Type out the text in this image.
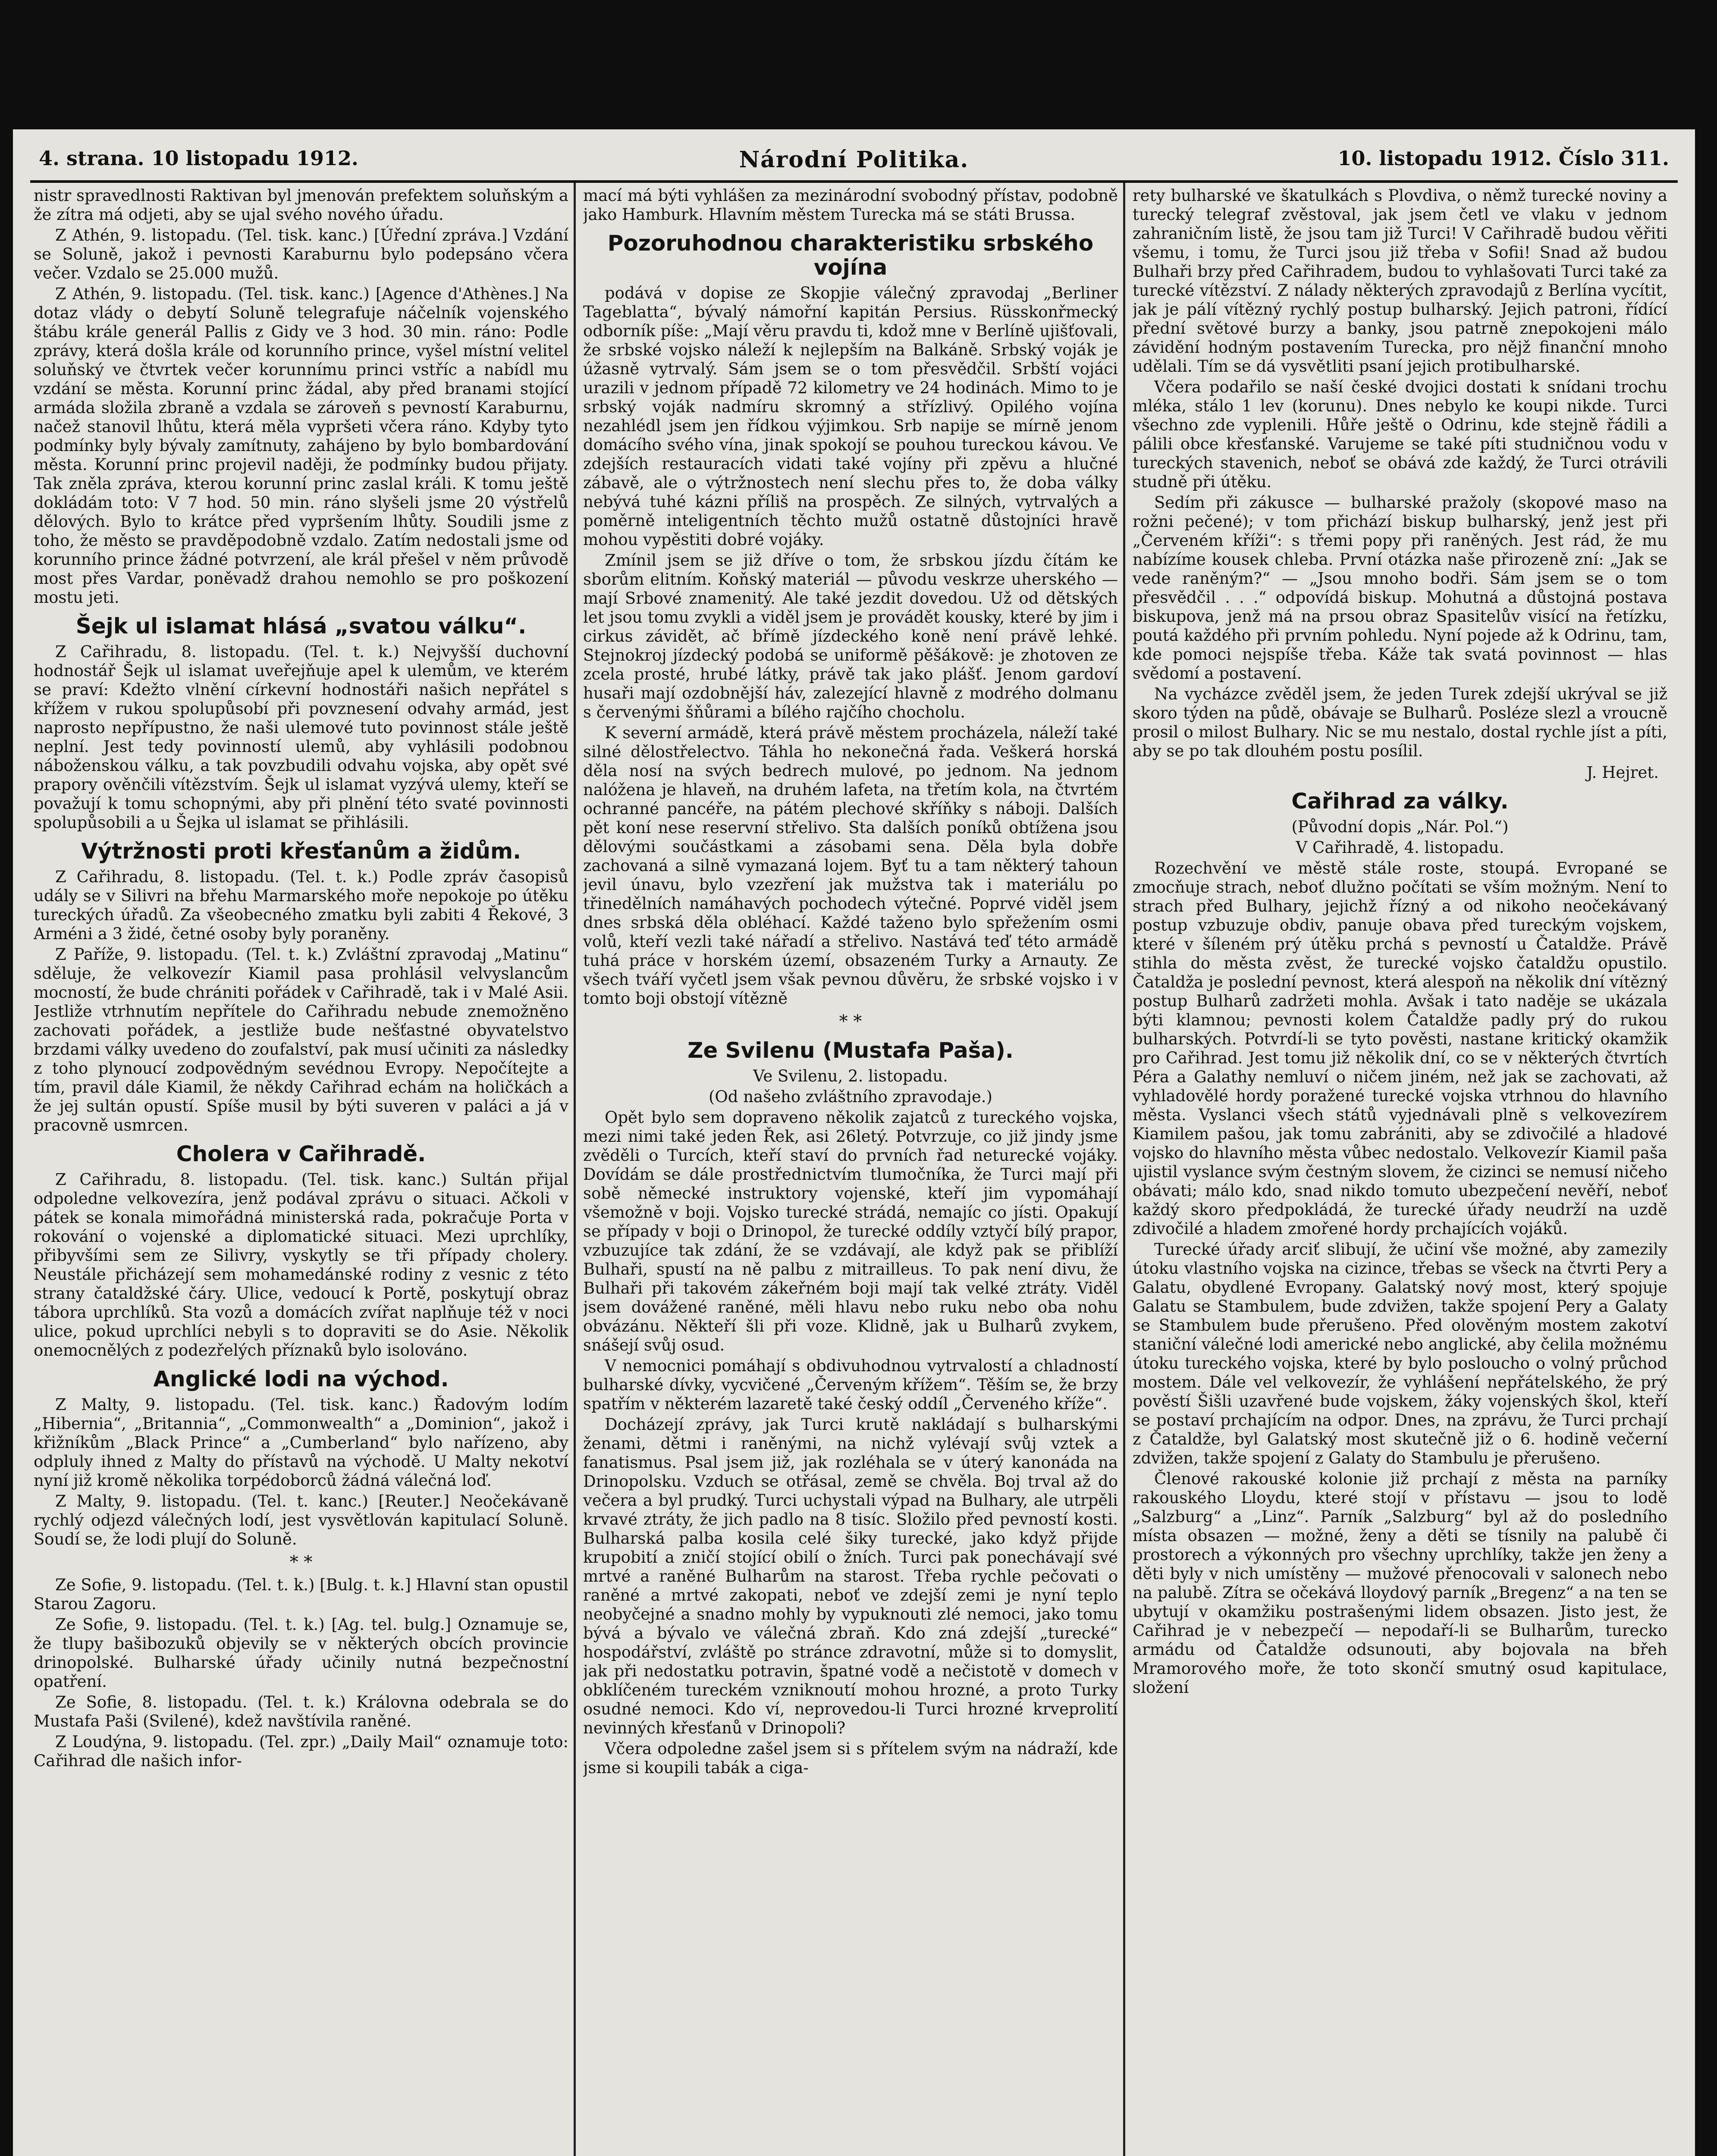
4. strana. 10 listopadu 1912.	Národní Politika.	10. listopadu 1912. Číslo 311.

nistr spravedlnosti Raktivan byl jmenován prefektem soluňským a že zítra má odjeti, aby se ujal svého nového úřadu.

Z Athén, 9. listopadu. (Tel. tisk. kanc.) [Úřední zpráva.] Vzdání se Soluně, jakož i pevnosti Karaburnu bylo podepsáno včera večer. Vzdalo se 25.000 mužů.

Z Athén, 9. listopadu. (Tel. tisk. kanc.) [Agence d'Athènes.] Na dotaz vlády o debytí Soluně telegrafuje náčelník vojenského štábu krále generál Pallis z Gidy ve 3 hod. 30 min. ráno: Podle zprávy, která došla krále od korunního prince, vyšel místní velitel soluňský ve čtvrtek večer korunnímu princi vstříc a nabídl mu vzdání se města. Korunní princ žádal, aby před branami stojící armáda složila zbraně a vzdala se zároveň s pevností Karaburnu, načež stanovil lhůtu, která měla vypršeti včera ráno. Kdyby tyto podmínky byly bývaly zamítnuty, zahájeno by bylo bombardování města. Korunní princ projevil naději, že podmínky budou přijaty. Tak zněla zpráva, kterou korunní princ zaslal králi. K tomu ještě dokládám toto: V 7 hod. 50 min. ráno slyšeli jsme 20 výstřelů dělových. Bylo to krátce před vypršením lhůty. Soudili jsme z toho, že město se pravděpodobně vzdalo. Zatím nedostali jsme od korunního prince žádné potvrzení, ale král přešel v něm průvodě most přes Vardar, poněvadž drahou nemohlo se pro poškození mostu jeti.

Šejk ul islamat hlásá „svatou válku“.

Z Cařihradu, 8. listopadu. (Tel. t. k.) Nejvyšší duchovní hodnostář Šejk ul islamat uveřejňuje apel k ulemům, ve kterém se praví: Kdežto vlnění církevní hodnostáři našich nepřátel s křížem v rukou spolupůsobí při povznesení odvahy armád, jest naprosto nepřípustno, že naši ulemové tuto povinnost stále ještě neplní. Jest tedy povinností ulemů, aby vyhlásili podobnou náboženskou válku, a tak povzbudili odvahu vojska, aby opět své prapory ověnčili vítězstvím. Šejk ul islamat vyzývá ulemy, kteří se považují k tomu schopnými, aby při plnění této svaté povinnosti spolupůsobili a u Šejka ul islamat se přihlásili.

Výtržnosti proti křesťanům a židům.

Z Cařihradu, 8. listopadu. (Tel. t. k.) Podle zpráv časopisů udály se v Silivri na břehu Marmarského moře nepokoje po útěku tureckých úřadů. Za všeobecného zmatku byli zabiti 4 Řekové, 3 Arméni a 3 židé, četné osoby byly poraněny.

Z Paříže, 9. listopadu. (Tel. t. k.) Zvláštní zpravodaj „Matinu“ sděluje, že velkovezír Kiamil pasa prohlásil velvyslancům mocností, že bude chrániti pořádek v Cařihradě, tak i v Malé Asii. Jestliže vtrhnutím nepřítele do Cařihradu nebude znemožněno zachovati pořádek, a jestliže bude nešťastné obyvatelstvo brzdami války uvedeno do zoufalství, pak musí učiniti za následky z toho plynoucí zodpovědným sevédnou Evropy. Nepočítejte a tím, pravil dále Kiamil, že někdy Cařihrad echám na holičkách a že jej sultán opustí. Spíše musil by býti suveren v paláci a já v pracovně usmrcen.

Cholera v Cařihradě.

Z Cařihradu, 8. listopadu. (Tel. tisk. kanc.) Sultán přijal odpoledne velkovezíra, jenž podával zprávu o situaci. Ačkoli v pátek se konala mimořádná ministerská rada, pokračuje Porta v rokování o vojenské a diplomatické situaci. Mezi uprchlíky, přibyvšími sem ze Silivry, vyskytly se tři případy cholery. Neustále přicházejí sem mohamedánské rodiny z vesnic z této strany čataldžské čáry. Ulice, vedoucí k Portě, poskytují obraz tábora uprchlíků. Sta vozů a domácích zvířat naplňuje též v noci ulice, pokud uprchlíci nebyli s to dopraviti se do Asie. Několik onemocnělých z podezřelých příznaků bylo isolováno.

Anglické lodi na východ.

Z Malty, 9. listopadu. (Tel. tisk. kanc.) Řadovým lodím „Hibernia“, „Britannia“, „Commonwealth“ a „Dominion“, jakož i křižníkům „Black Prince“ a „Cumberland“ bylo nařízeno, aby odpluly ihned z Malty do přístavů na východě. U Malty nekotví nyní již kromě několika torpédoborců žádná válečná loď.

Z Malty, 9. listopadu. (Tel. t. kanc.) [Reuter.] Neočekávaně rychlý odjezd válečných lodí, jest vysvětlován kapitulací Soluně. Soudí se, že lodi plují do Soluně.

* *

Ze Sofie, 9. listopadu. (Tel. t. k.) [Bulg. t. k.] Hlavní stan opustil Starou Zagoru.

Ze Sofie, 9. listopadu. (Tel. t. k.) [Ag. tel. bulg.] Oznamuje se, že tlupy bašibozuků objevily se v některých obcích provincie drinopolské. Bulharské úřady učinily nutná bezpečnostní opatření.

Ze Sofie, 8. listopadu. (Tel. t. k.) Královna odebrala se do Mustafa Paši (Svilené), kdež navštívila raněné.

Z Loudýna, 9. listopadu. (Tel. zpr.) „Daily Mail“ oznamuje toto: Cařihrad dle našich infor-

mací má býti vyhlášen za mezinárodní svobodný přístav, podobně jako Hamburk. Hlavním městem Turecka má se státi Brussa.

Pozoruhodnou charakteristiku srbského vojína

podává v dopise ze Skopjie válečný zpravodaj „Berliner Tageblatta“, bývalý námořní kapitán Persius. Rüsskonřmecký odborník píše: „Mají věru pravdu ti, kdož mne v Berlíně ujišťovali, že srbské vojsko náleží k nejlepším na Balkáně. Srbský voják je úžasně vytrvalý. Sám jsem se o tom přesvědčil. Srbští vojáci urazili v jednom případě 72 kilometry ve 24 hodinách. Mimo to je srbský voják nadmíru skromný a střízlivý. Opilého vojína nezahlédl jsem jen řídkou výjimkou. Srb napije se mírně jenom domácího svého vína, jinak spokojí se pouhou tureckou kávou. Ve zdejších restauracích vidati také vojíny při zpěvu a hlučné zábavě, ale o výtržnostech není slechu přes to, že doba války nebývá tuhé kázni příliš na prospěch. Ze silných, vytrvalých a poměrně inteligentních těchto mužů ostatně důstojníci hravě mohou vypěstiti dobré vojáky.

Zmínil jsem se již dříve o tom, že srbskou jízdu čítám ke sborům elitním. Koňský materiál — původu veskrze uherského — mají Srbové znamenitý. Ale také jezdit dovedou. Už od dětských let jsou tomu zvykli a viděl jsem je provádět kousky, které by jim i cirkus závidět, ač břímě jízdeckého koně není právě lehké. Stejnokroj jízdecký podobá se uniformě pěšákově: je zhotoven ze zcela prosté, hrubé látky, právě tak jako plášť. Jenom gardoví husaři mají ozdobnější háv, zalezející hlavně z modrého dolmanu s červenými šňůrami a bílého rajčího chocholu.

K severní armádě, která právě městem procházela, náleží také silné dělostřelectvo. Táhla ho nekonečná řada. Veškerá horská děla nosí na svých bedrech mulové, po jednom. Na jednom nalóžena je hlaveň, na druhém lafeta, na třetím kola, na čtvrtém ochranné pancéře, na pátém plechové skříňky s náboji. Dalších pět koní nese reservní střelivo. Sta dalších poníků obtížena jsou dělovými součástkami a zásobami sena. Děla byla dobře zachovaná a silně vymazaná lojem. Byť tu a tam některý tahoun jevil únavu, bylo vzezření jak mužstva tak i materiálu po třinedělních namáhavých pochodech výtečné. Poprvé viděl jsem dnes srbská děla obléhací. Každé taženo bylo spřežením osmi volů, kteří vezli také nářadí a střelivo. Nastává teď této armádě tuhá práce v horském území, obsazeném Turky a Arnauty. Ze všech tváří vyčetl jsem však pevnou důvěru, že srbské vojsko i v tomto boji obstojí vítězně

* *
Ze Svilenu (Mustafa Paša).
Ve Svilenu, 2. listopadu.
(Od našeho zvláštního zpravodaje.)

Opět bylo sem dopraveno několik zajatců z tureckého vojska, mezi nimi také jeden Řek, asi 26letý. Potvrzuje, co již jindy jsme zvěděli o Turcích, kteří staví do prvních řad neturecké vojáky. Dovídám se dále prostřednictvím tlumočníka, že Turci mají při sobě německé instruktory vojenské, kteří jim vypomáhají všemožně v boji. Vojsko turecké strádá, nemajíc co jísti. Opakují se případy v boji o Drinopol, že turecké oddíly vztyčí bílý prapor, vzbuzujíce tak zdání, že se vzdávají, ale když pak se přiblíží Bulhaři, spustí na ně palbu z mitrailleus. To pak není divu, že Bulhaři při takovém zákeřném boji mají tak velké ztráty. Viděl jsem dovážené raněné, měli hlavu nebo ruku nebo oba nohu obvázánu. Někteří šli při voze. Klidně, jak u Bulharů zvykem, snášejí svůj osud.

V nemocnici pomáhají s obdivuhodnou vytrvalostí a chladností bulharské dívky, vycvičené „Červeným křížem“. Těším se, že brzy spatřím v některém lazaretě také český oddíl „Červeného kříže“.

Docházejí zprávy, jak Turci krutě nakládají s bulharskými ženami, dětmi i raněnými, na nichž vylévají svůj vztek a fanatismus. Psal jsem již, jak rozléhala se v úterý kanonáda na Drinopolsku. Vzduch se otřásal, země se chvěla. Boj trval až do večera a byl prudký. Turci uchystali výpad na Bulhary, ale utrpěli krvavé ztráty, že jich padlo na 8 tisíc. Složilo před pevností kosti. Bulharská palba kosila celé šiky turecké, jako když přijde krupobití a zničí stojící obilí o žních. Turci pak ponechávají své mrtvé a raněné Bulharům na starost. Třeba rychle pečovati o raněné a mrtvé zakopati, neboť ve zdejší zemi je nyní teplo neobyčejné a snadno mohly by vypuknouti zlé nemoci, jako tomu bývá a bývalo ve válečná zbraň. Kdo zná zdejší „turecké“ hospodářství, zvláště po stránce zdravotní, může si to domyslit, jak při nedostatku potravin, špatné vodě a nečistotě v domech v obklíčeném tureckém vzniknoutí mohou hrozné, a proto Turky osudné nemoci. Kdo ví, neprovedou-li Turci hrozné krveprolití nevinných křesťanů v Drinopoli?

Včera odpoledne zašel jsem si s přítelem svým na nádraží, kde jsme si koupili tabák a ciga-

rety bulharské ve škatulkách s Plovdiva, o němž turecké noviny a turecký telegraf zvěstoval, jak jsem četl ve vlaku v jednom zahraničním listě, že jsou tam již Turci! V Cařihradě budou věřiti všemu, i tomu, že Turci jsou již třeba v Sofii! Snad až budou Bulhaři brzy před Cařihradem, budou to vyhlašovati Turci také za turecké vítězství. Z nálady některých zpravodajů z Berlína vycítit, jak je pálí vítězný rychlý postup bulharský. Jejich patroni, řídící přední světové burzy a banky, jsou patrně znepokojeni málo závidění hodným postavením Turecka, pro nějž finanční mnoho udělali. Tím se dá vysvětliti psaní jejich protibulharské.

Včera podařilo se naší české dvojici dostati k snídani trochu mléka, stálo 1 lev (korunu). Dnes nebylo ke koupi nikde. Turci všechno zde vyplenili. Hůře ještě o Odrinu, kde stejně řádili a pálili obce křesťanské. Varujeme se také píti studničnou vodu v tureckých stavenich, neboť se obává zde každý, že Turci otrávili studně při útěku.

Sedím při zákusce — bulharské pražoly (skopové maso na rožni pečené); v tom přichází biskup bulharský, jenž jest při „Červeném kříži“: s třemi popy při raněných. Jest rád, že mu nabízíme kousek chleba. První otázka naše přirozeně zní: „Jak se vede raněným?“ — „Jsou mnoho bodři. Sám jsem se o tom přesvědčil . . .“ odpovídá biskup. Mohutná a důstojná postava biskupova, jenž má na prsou obraz Spasitelův visící na řetízku, poutá každého při prvním pohledu. Nyní pojede až k Odrinu, tam, kde pomoci nejspíše třeba. Káže tak svatá povinnost — hlas svědomí a postavení.

Na vycházce zvěděl jsem, že jeden Turek zdejší ukrýval se již skoro týden na půdě, obávaje se Bulharů. Posléze slezl a vroucně prosil o milost Bulhary. Nic se mu nestalo, dostal rychle jíst a píti, aby se po tak dlouhém postu posílil.

J. Hejret.
Cařihrad za války.
(Původní dopis „Nár. Pol.“)
V Cařihradě, 4. listopadu.

Rozechvění ve městě stále roste, stoupá. Evropané se zmocňuje strach, neboť dlužno počítati se vším možným. Není to strach před Bulhary, jejichž řízný a od nikoho neočekávaný postup vzbuzuje obdiv, panuje obava před tureckým vojskem, které v šíleném prý útěku prchá s pevností u Čataldže. Právě stihla do města zvěst, že turecké vojsko čataldžu opustilo. Čataldža je poslední pevnost, která alespoň na několik dní vítězný postup Bulharů zadržeti mohla. Avšak i tato naděje se ukázala býti klamnou; pevnosti kolem Čataldže padly prý do rukou bulharských. Potvrdí-li se tyto pověsti, nastane kritický okamžik pro Cařihrad. Jest tomu již několik dní, co se v některých čtvrtích Péra a Galathy nemluví o ničem jiném, než jak se zachovati, až vyhladovělé hordy poražené turecké vojska vtrhnou do hlavního města. Vyslanci všech států vyjednávali plně s velkovezírem Kiamilem pašou, jak tomu zabrániti, aby se zdivočilé a hladové vojsko do hlavního města vůbec nedostalo. Velkovezír Kiamil paša ujistil vyslance svým čestným slovem, že cizinci se nemusí ničeho obávati; málo kdo, snad nikdo tomuto ubezpečení nevěří, neboť každý skoro předpokládá, že turecké úřady neudrží na uzdě zdivočilé a hladem zmořené hordy prchajících vojáků.

Turecké úřady arciť slibují, že učiní vše možné, aby zamezily útoku vlastního vojska na cizince, třebas se všeck na čtvrti Pery a Galatu, obydlené Evropany. Galatský nový most, který spojuje Galatu se Stambulem, bude zdvižen, takže spojení Pery a Galaty se Stambulem bude přerušeno. Před olověným mostem zakotví staniční válečné lodi americké nebo anglické, aby čelila možnému útoku tureckého vojska, které by bylo posloucho o volný průchod mostem. Dále vel velkovezír, že vyhlášení nepřátelského, že prý pověstí Šišli uzavřené bude vojskem, žáky vojenských škol, kteří se postaví prchajícím na odpor. Dnes, na zprávu, že Turci prchají z Čataldže, byl Galatský most skutečně již o 6. hodině večerní zdvižen, takže spojení z Galaty do Stambulu je přerušeno.

Členové rakouské kolonie již prchají z města na parníky rakouského Lloydu, které stojí v přístavu — jsou to lodě „Salzburg“ a „Linz“. Parník „Salzburg“ byl až do posledního místa obsazen — možné, ženy a děti se tísnily na palubě či prostorech a výkonných pro všechny uprchlíky, takže jen ženy a děti byly v nich umístěny — mužové přenocovali v salonech nebo na palubě. Zítra se očekává lloydový parník „Bregenz“ a na ten se ubytují v okamžiku postrašenými lidem obsazen. Jisto jest, že Cařihrad je v nebezpečí — nepodaří-li se Bulharům, turecko armádu od Čataldže odsunouti, aby bojovala na břeh Mramorového moře, že toto skončí smutný osud kapitulace, složení
